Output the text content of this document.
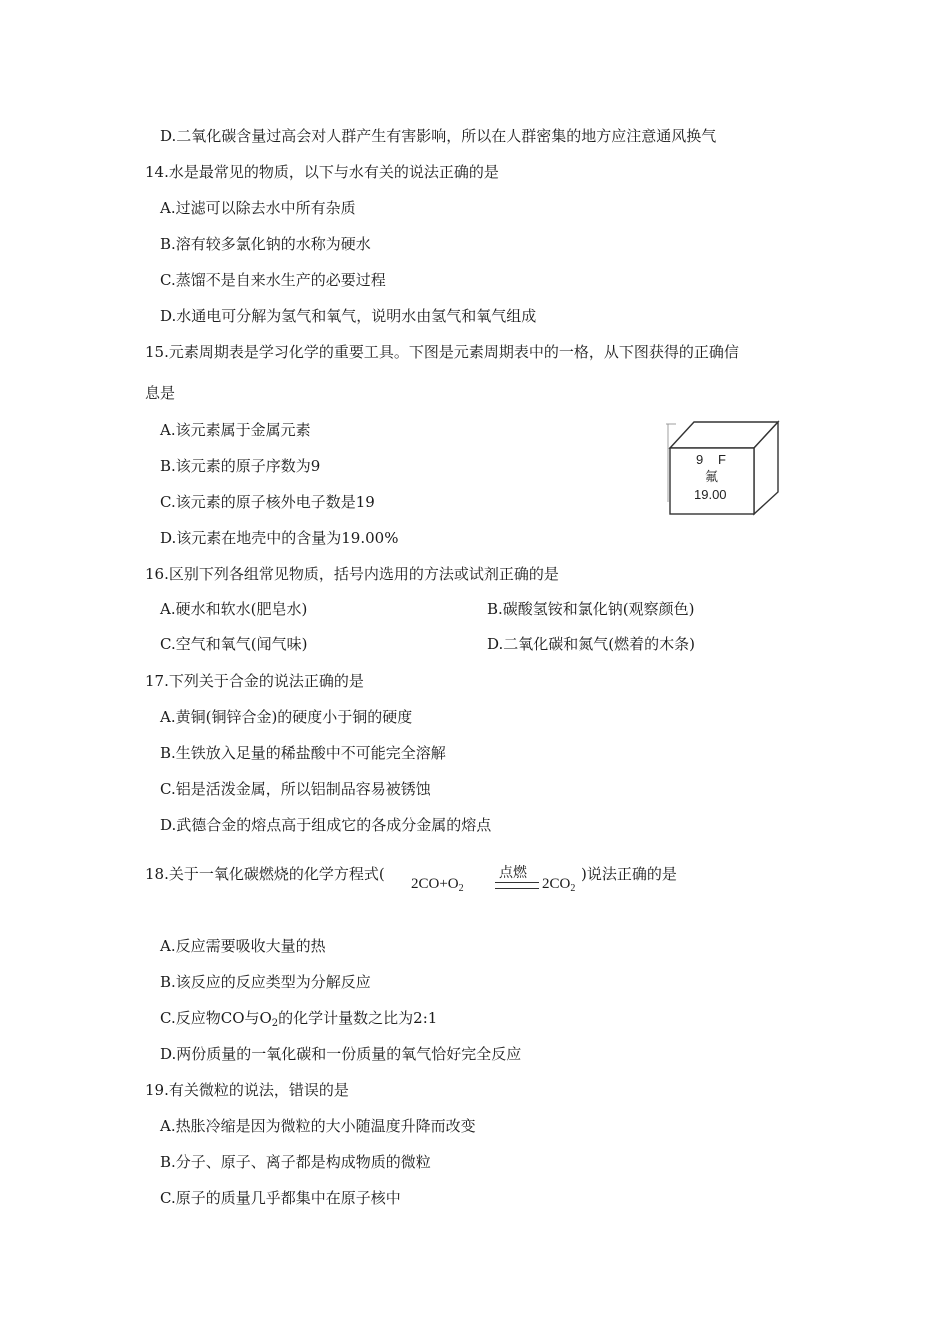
D.二氧化碳含量过高会对人群产生有害影响，所以在人群密集的地方应注意通风换气
14.水是最常见的物质，以下与水有关的说法正确的是
A.过滤可以除去水中所有杂质
B.溶有较多氯化钠的水称为硬水
C.蒸馏不是自来水生产的必要过程
D.水通电可分解为氢气和氧气，说明水由氢气和氧气组成
15.元素周期表是学习化学的重要工具。下图是元素周期表中的一格，从下图获得的正确信
息是
A.该元素属于金属元素
B.该元素的原子序数为9
C.该元素的原子核外电子数是19
D.该元素在地壳中的含量为19.00%
9 F
氟
19.00
16.区别下列各组常见物质，括号内选用的方法或试剂正确的是
A.硬水和软水(肥皂水)	B.碳酸氢铵和氯化钠(观察颜色)
C.空气和氧气(闻气味)	D.二氧化碳和氮气(燃着的木条)
17.下列关于合金的说法正确的是
A.黄铜(铜锌合金)的硬度小于铜的硬度
B.生铁放入足量的稀盐酸中不可能完全溶解
C.铝是活泼金属，所以铝制品容易被锈蚀
D.武德合金的熔点高于组成它的各成分金属的熔点
18.关于一氧化碳燃烧的化学方程式(
$2CO+O_2$
点燃
$2CO_2$
)说法正确的是
A.反应需要吸收大量的热
B.该反应的反应类型为分解反应
C.反应物CO与$O_2$的化学计量数之比为2:1
D.两份质量的一氧化碳和一份质量的氧气恰好完全反应
19.有关微粒的说法，错误的是
A.热胀冷缩是因为微粒的大小随温度升降而改变
B.分子、原子、离子都是构成物质的微粒
C.原子的质量几乎都集中在原子核中
